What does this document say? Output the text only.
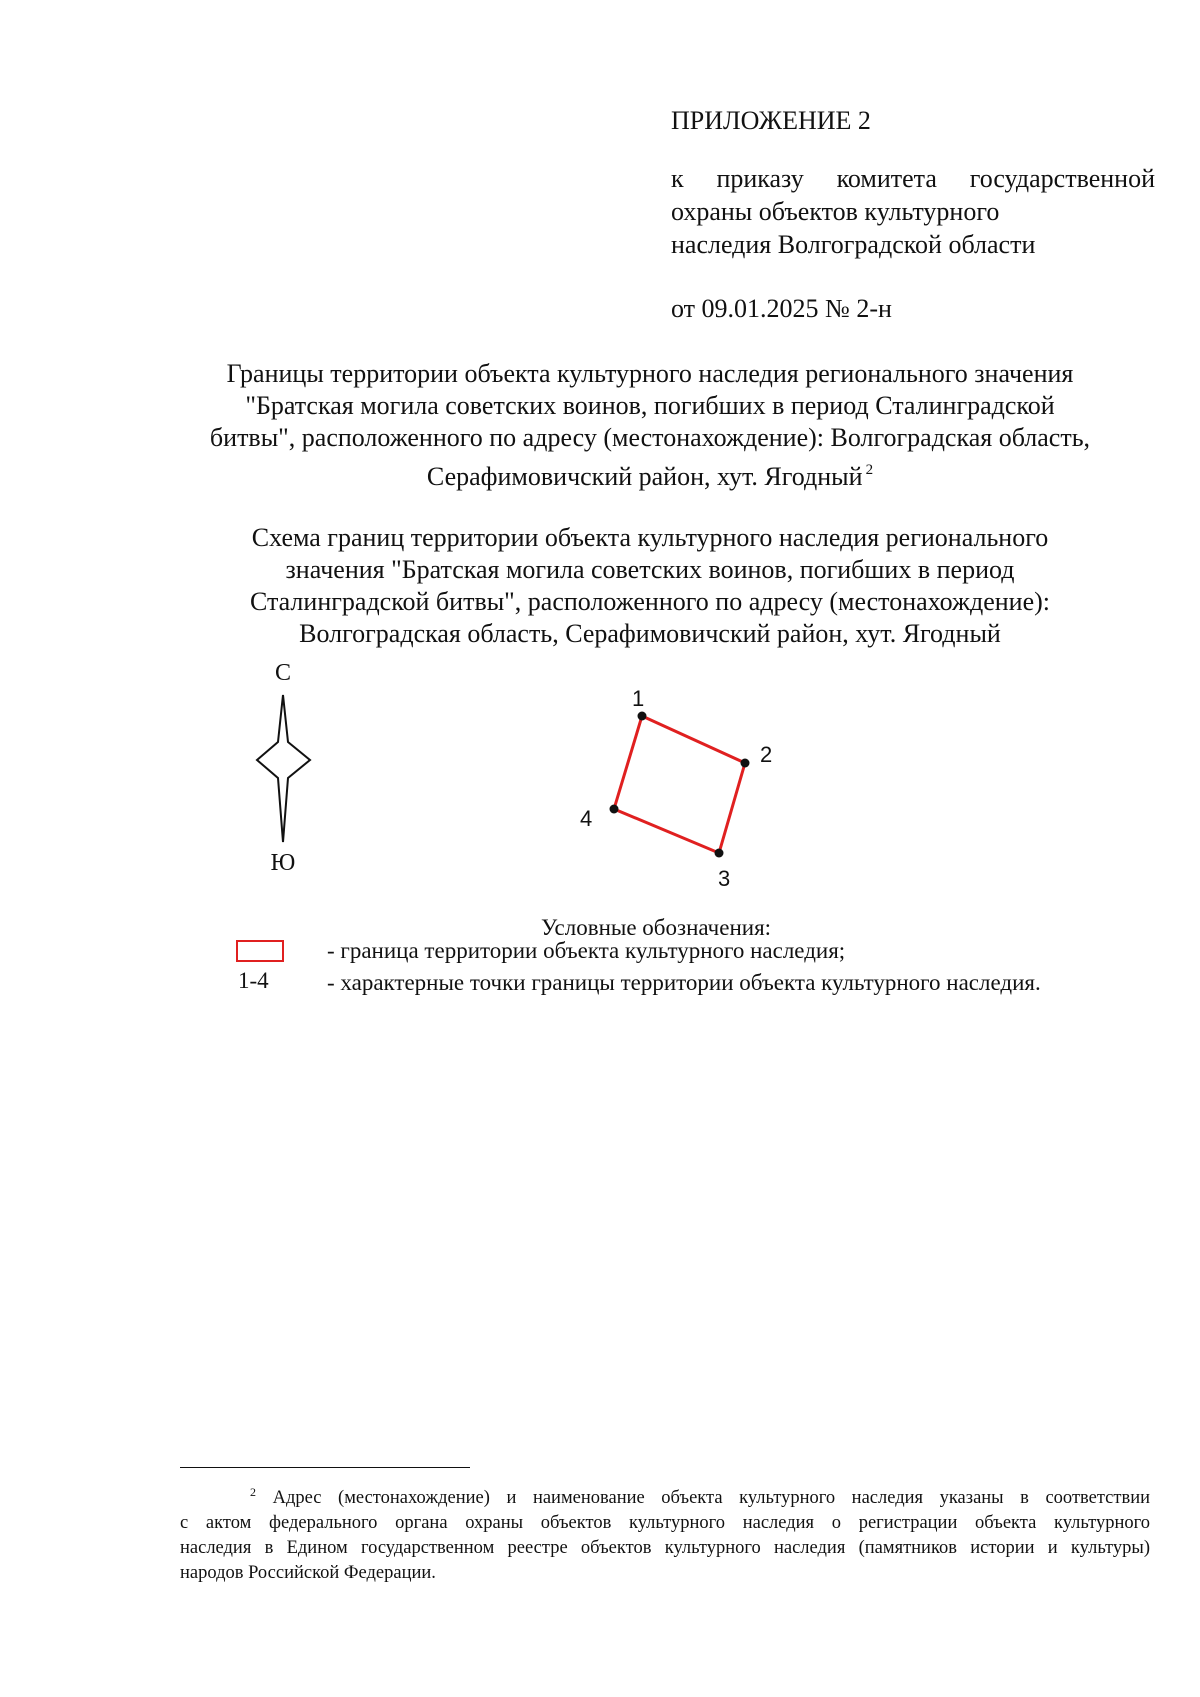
ПРИЛОЖЕНИЕ 2
к приказу комитета государственной
охраны объектов культурного
наследия Волгоградской области
от 09.01.2025 № 2-н
Границы территории объекта культурного наследия регионального значения
"Братская могила советских воинов, погибших в период Сталинградской
битвы", расположенного по адресу (местонахождение): Волгоградская область,
Серафимовичский район, хут. Ягодный $^2$
Схема границ территории объекта культурного наследия регионального
значения "Братская могила советских воинов, погибших в период
Сталинградской битвы", расположенного по адресу (местонахождение):
Волгоградская область, Серафимовичский район, хут. Ягодный
С
Ю
1
2
3
4
Условные обозначения:
- граница территории объекта культурного наследия;
1-4	- характерные точки границы территории объекта культурного наследия.
$^2$ Адрес (местонахождение) и наименование объекта культурного наследия указаны в соответствии
с актом федерального органа охраны объектов культурного наследия о регистрации объекта культурного
наследия в Едином государственном реестре объектов культурного наследия (памятников истории и культуры)
народов Российской Федерации.
